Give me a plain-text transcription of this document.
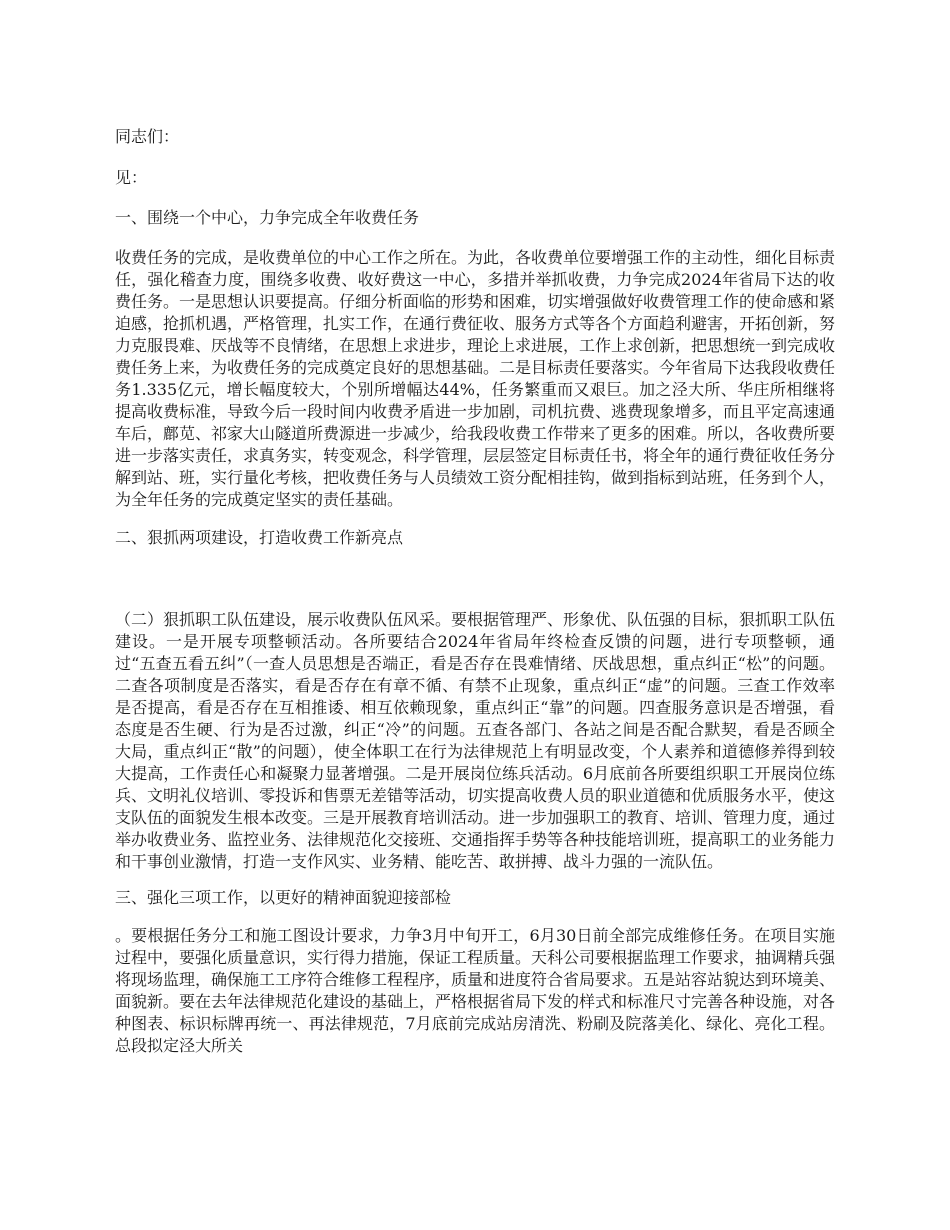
同志们：

见：

一、围绕一个中心，力争完成全年收费任务

收费任务的完成，是收费单位的中心工作之所在。为此，各收费单位要增强工作的主动性，细化目标责任，强化稽查力度，围绕多收费、收好费这一中心，多措并举抓收费，力争完成2024年省局下达的收费任务。一是思想认识要提高。仔细分析面临的形势和困难，切实增强做好收费管理工作的使命感和紧迫感，抢抓机遇，严格管理，扎实工作，在通行费征收、服务方式等各个方面趋利避害，开拓创新，努力克服畏难、厌战等不良情绪，在思想上求进步，理论上求进展，工作上求创新，把思想统一到完成收费任务上来，为收费任务的完成奠定良好的思想基础。二是目标责任要落实。今年省局下达我段收费任务1.335亿元，增长幅度较大，个别所增幅达44%，任务繁重而又艰巨。加之泾大所、华庄所相继将提高收费标准，导致今后一段时间内收费矛盾进一步加剧，司机抗费、逃费现象增多，而且平定高速通车后，鄜苋、祁家大山隧道所费源进一步减少，给我段收费工作带来了更多的困难。所以，各收费所要进一步落实责任，求真务实，转变观念，科学管理，层层签定目标责任书，将全年的通行费征收任务分解到站、班，实行量化考核，把收费任务与人员绩效工资分配相挂钩，做到指标到站班，任务到个人，为全年任务的完成奠定坚实的责任基础。

二、狠抓两项建设，打造收费工作新亮点

（二）狠抓职工队伍建设，展示收费队伍风采。要根据管理严、形象优、队伍强的目标，狠抓职工队伍建设。一是开展专项整顿活动。各所要结合2024年省局年终检查反馈的问题，进行专项整顿，通过“五查五看五纠”（一查人员思想是否端正，看是否存在畏难情绪、厌战思想，重点纠正“松”的问题。二查各项制度是否落实，看是否存在有章不循、有禁不止现象，重点纠正“虚”的问题。三查工作效率是否提高，看是否存在互相推诿、相互依赖现象，重点纠正“靠”的问题。四查服务意识是否增强，看态度是否生硬、行为是否过激，纠正“冷”的问题。五查各部门、各站之间是否配合默契，看是否顾全大局，重点纠正“散”的问题），使全体职工在行为法律规范上有明显改变，个人素养和道德修养得到较大提高，工作责任心和凝聚力显著增强。二是开展岗位练兵活动。6月底前各所要组织职工开展岗位练兵、文明礼仪培训、零投诉和售票无差错等活动，切实提高收费人员的职业道德和优质服务水平，使这支队伍的面貌发生根本改变。三是开展教育培训活动。进一步加强职工的教育、培训、管理力度，通过举办收费业务、监控业务、法律规范化交接班、交通指挥手势等各种技能培训班，提高职工的业务能力和干事创业激情，打造一支作风实、业务精、能吃苦、敢拼搏、战斗力强的一流队伍。

三、强化三项工作，以更好的精神面貌迎接部检

。要根据任务分工和施工图设计要求，力争3月中旬开工，6月30日前全部完成维修任务。在项目实施过程中，要强化质量意识，实行得力措施，保证工程质量。天科公司要根据监理工作要求，抽调精兵强将现场监理，确保施工工序符合维修工程程序，质量和进度符合省局要求。五是站容站貌达到环境美、面貌新。要在去年法律规范化建设的基础上，严格根据省局下发的样式和标准尺寸完善各种设施，对各种图表、标识标牌再统一、再法律规范，7月底前完成站房清洗、粉刷及院落美化、绿化、亮化工程。总段拟定泾大所关
